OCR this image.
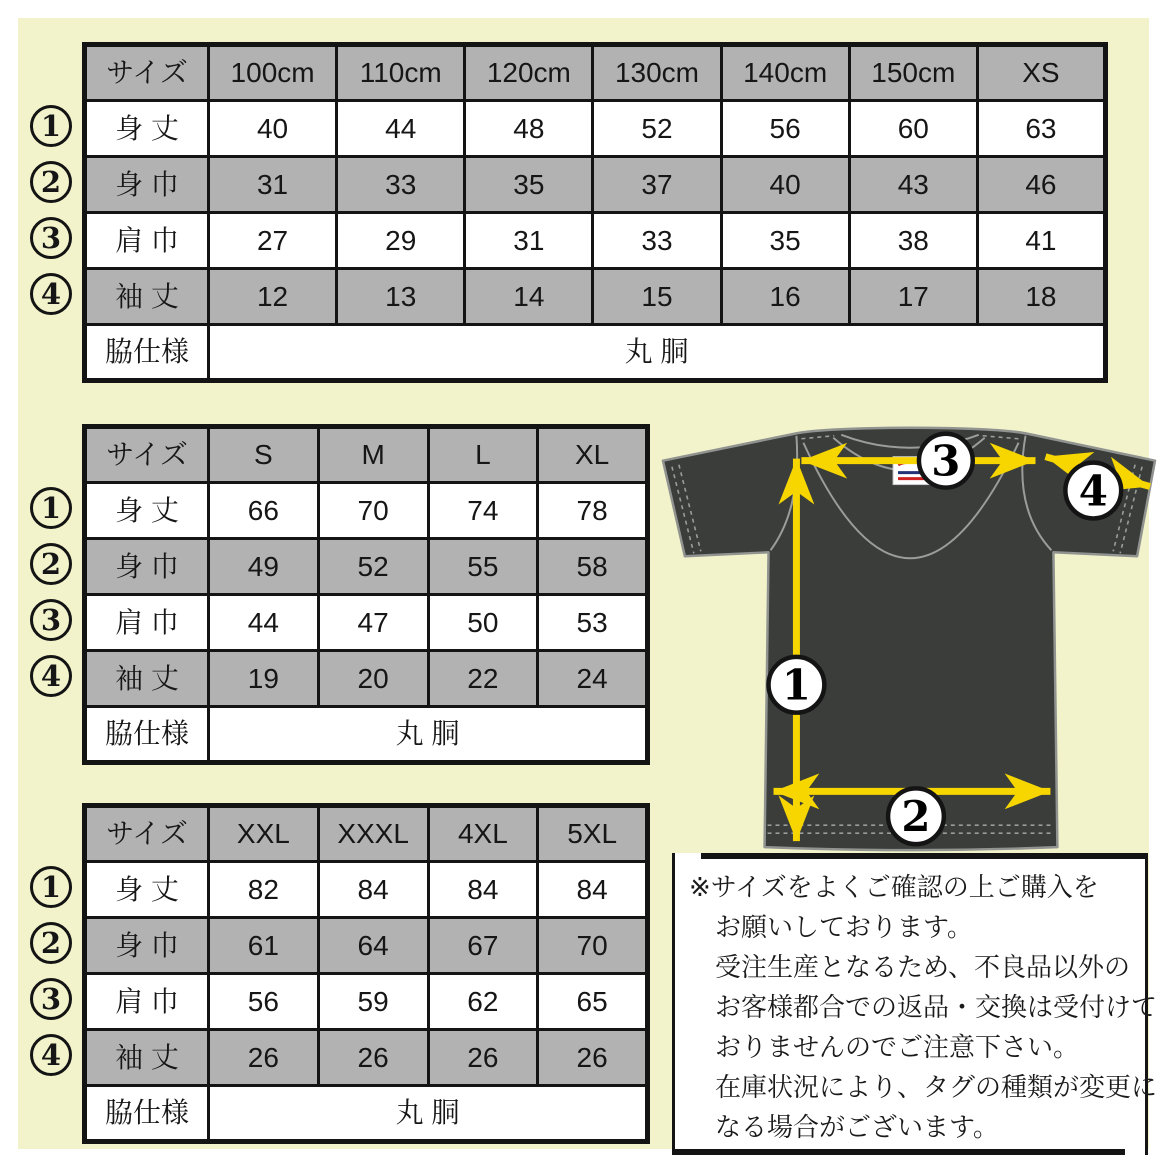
1
2
3
4
サイズ	100cm	110cm	120cm	130cm	140cm	150cm	XS
身 丈	40	44	48	52	56	60	63
身 巾	31	33	35	37	40	43	46
肩 巾	27	29	31	33	35	38	41
袖 丈	12	13	14	15	16	17	18
脇仕様	丸 胴						
1
2
3
4
サイズ	S	M	L	XL
身 丈	66	70	74	78
身 巾	49	52	55	58
肩 巾	44	47	50	53
袖 丈	19	20	22	24
脇仕様	丸 胴			
1
2
3
4
サイズ	XXL	XXXL	4XL	5XL
身 丈	82	84	84	84
身 巾	61	64	67	70
肩 巾	56	59	62	65
袖 丈	26	26	26	26
脇仕様	丸 胴			
3
4
1
2

※サイズをよくご確認の上ご購入を

お願いしております。

受注生産となるため、不良品以外の

お客様都合での返品・交換は受付けて

おりませんのでご注意下さい。

在庫状況により、タグの種類が変更に

なる場合がございます。
